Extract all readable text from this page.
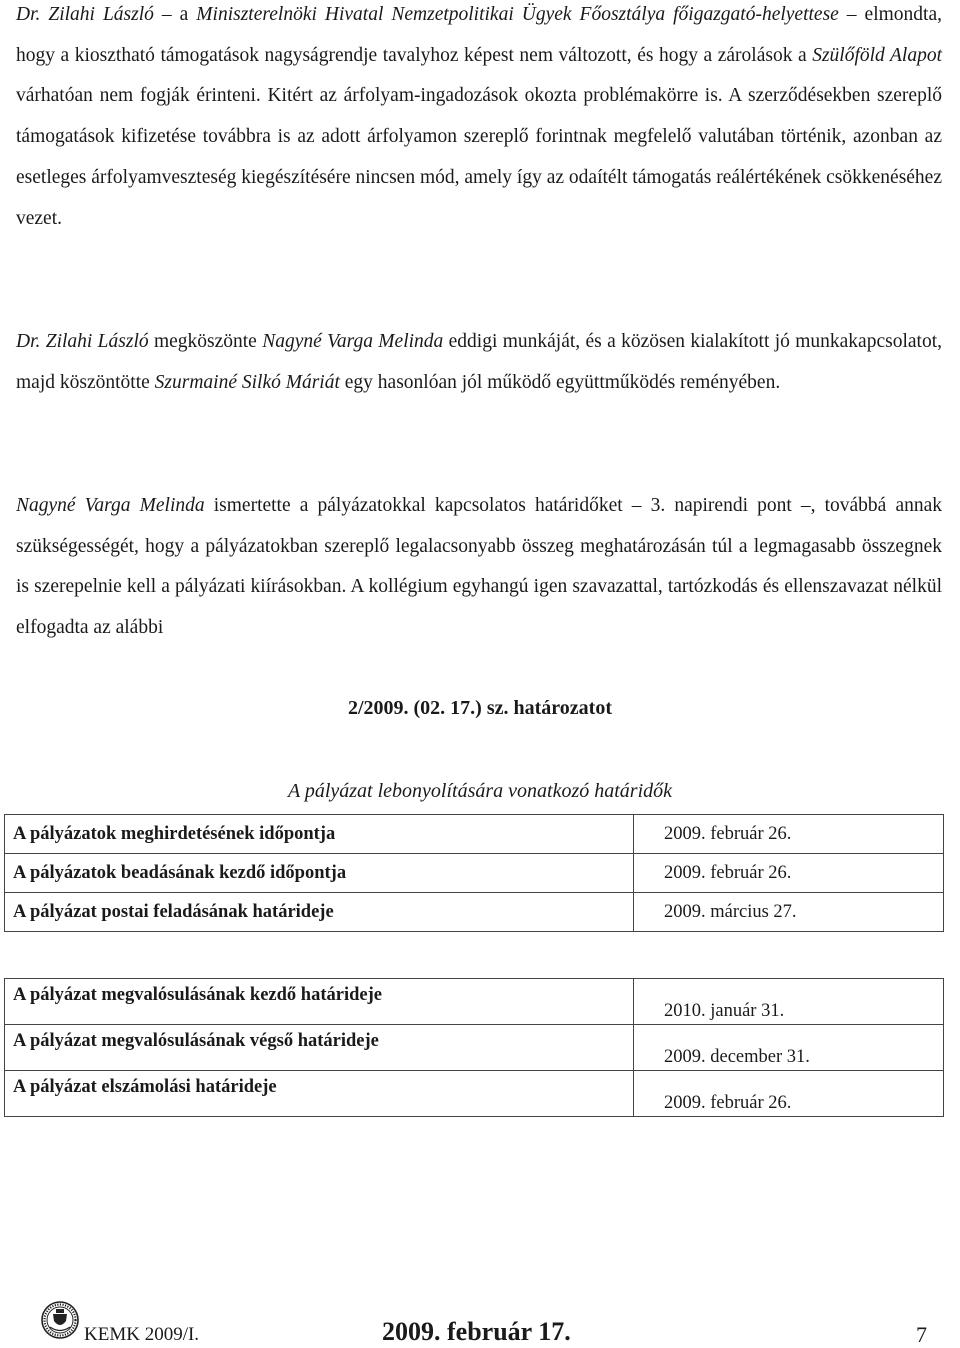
Dr. Zilahi László – a Miniszterelnöki Hivatal Nemzetpolitikai Ügyek Főosztálya főigazgató-helyettese – elmondta, hogy a kiosztható támogatások nagyságrendje tavalyhoz képest nem változott, és hogy a zárolások a Szülőföld Alapot várhatóan nem fogják érinteni. Kitért az árfolyam-ingadozások okozta problémakörre is. A szerződésekben szereplő támogatások kifizetése továbbra is az adott árfolyamon szereplő forintnak megfelelő valutában történik, azonban az esetleges árfolyamveszteség kiegészítésére nincsen mód, amely így az odaítélt támogatás reálértékének csökkenéséhez vezet.

Dr. Zilahi László megköszönte Nagyné Varga Melinda eddigi munkáját, és a közösen kialakított jó munkakapcsolatot, majd köszöntötte Szurmainé Silkó Máriát egy hasonlóan jól működő együttműködés reményében.

Nagyné Varga Melinda ismertette a pályázatokkal kapcsolatos határidőket – 3. napirendi pont –, továbbá annak szükségességét, hogy a pályázatokban szereplő legalacsonyabb összeg meghatározásán túl a legmagasabb összegnek is szerepelnie kell a pályázati kiírásokban. A kollégium egyhangú igen szavazattal, tartózkodás és ellenszavazat nélkül elfogadta az alábbi

2/2009. (02. 17.) sz. határozatot
A pályázat lebonyolítására vonatkozó határidők
A pályázatok meghirdetésének időpontja	2009. február 26.
A pályázatok beadásának kezdő időpontja	2009. február 26.
A pályázat postai feladásának határideje	2009. március 27.
A pályázat megvalósulásának kezdő határideje	2010. január 31.
A pályázat megvalósulásának végső határideje	2009. december 31.
A pályázat elszámolási határideje	2009. február 26.
KEMK 2009/I.	2009. február 17.	7
